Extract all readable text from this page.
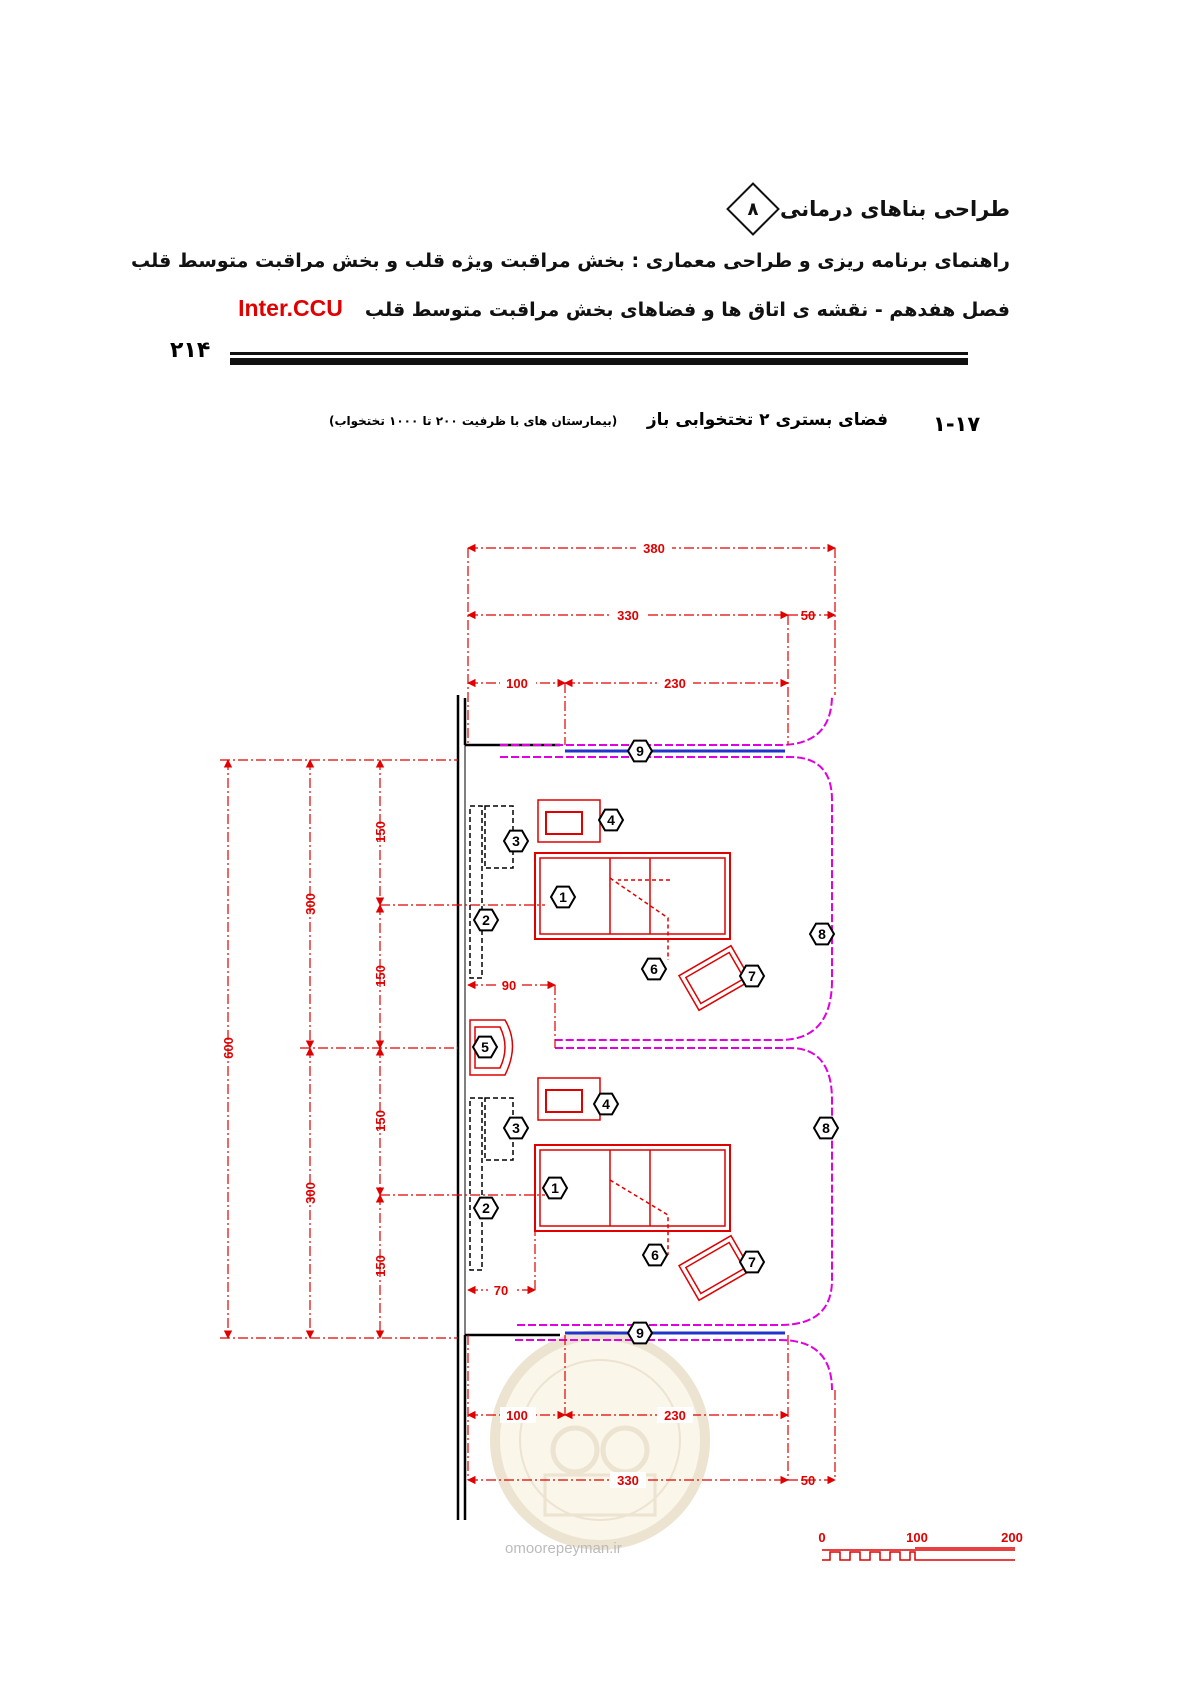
طراحی بناهای درمانی
۸
راهنمای برنامه ریزی و طراحی معماری : بخش مراقبت ویژه قلب و بخش مراقبت متوسط قلب
فصل هفدهم - نقشه ی اتاق ها و فضاهای بخش مراقبت متوسط قلب
Inter.CCU
۲۱۴
۱-۱۷
فضای بستری ۲ تختخوابی باز     (بیمارستان های با ظرفیت ۲۰۰ تا ۱۰۰۰ تختخواب)
380
330	50
100	230
100	230
330	50
600
300
300
150
150
150
150
90
70
1
2
3
4
5
6	7
8
9
1
2
3
4
8
6	7
9
0	100	200
omoorepeyman.ir
